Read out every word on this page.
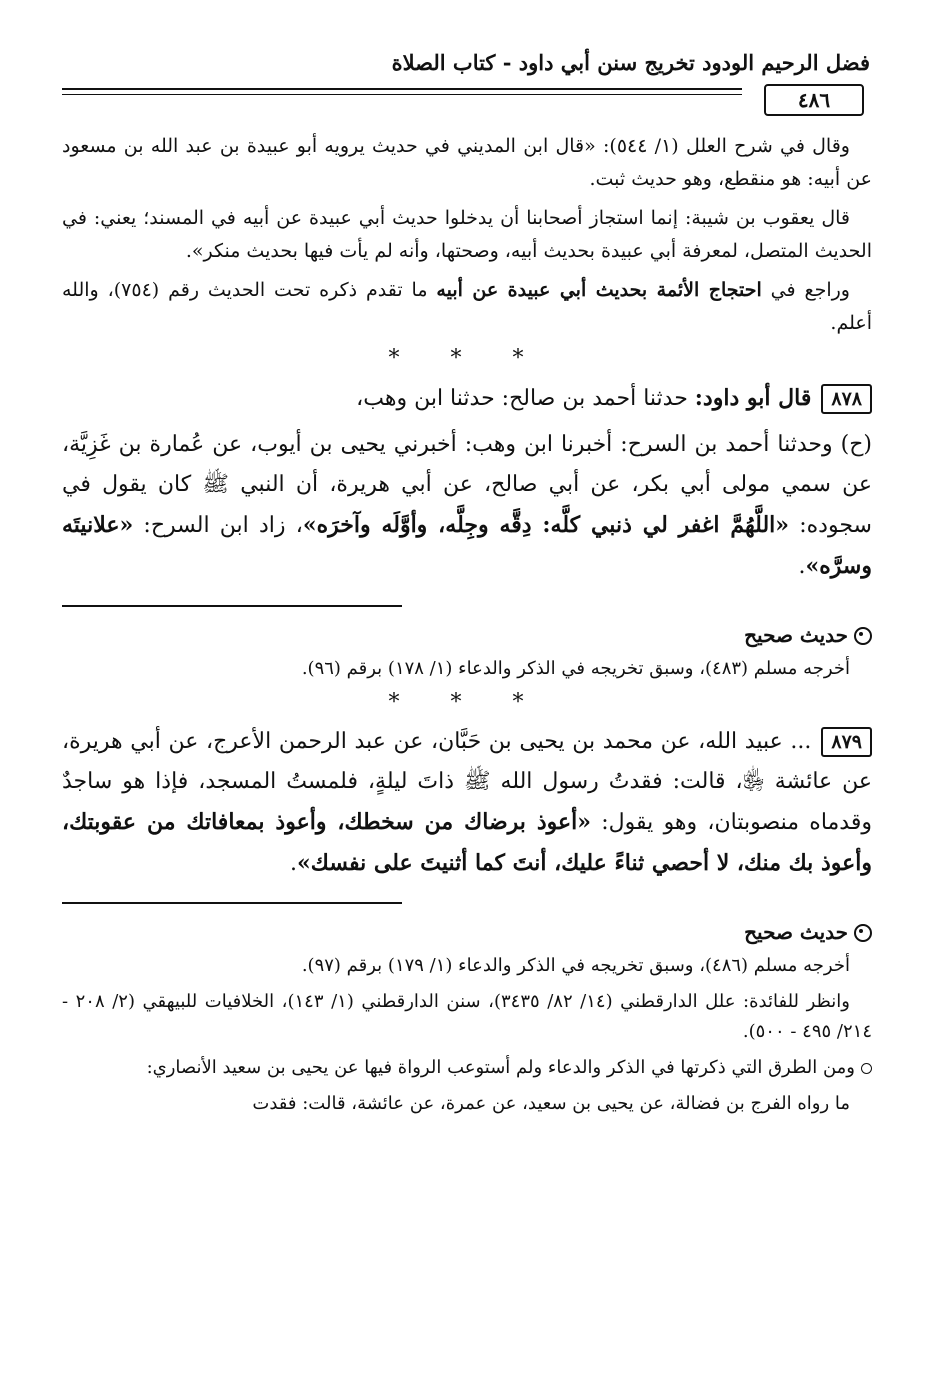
فضل الرحيم الودود تخريج سنن أبي داود - كتاب الصلاة
٤٨٦

وقال في شرح العلل (١/ ٥٤٤): «قال ابن المديني في حديث يرويه أبو عبيدة بن عبد الله بن مسعود عن أبيه: هو منقطع، وهو حديث ثبت.

قال يعقوب بن شيبة: إنما استجاز أصحابنا أن يدخلوا حديث أبي عبيدة عن أبيه في المسند؛ يعني: في الحديث المتصل، لمعرفة أبي عبيدة بحديث أبيه، وصحتها، وأنه لم يأت فيها بحديث منكر».

وراجع في احتجاج الأئمة بحديث أبي عبيدة عن أبيه ما تقدم ذكره تحت الحديث رقم (٧٥٤)، والله أعلم.

* * *

٨٧٨قال أبو داود: حدثنا أحمد بن صالح: حدثنا ابن وهب،

(ح) وحدثنا أحمد بن السرح: أخبرنا ابن وهب: أخبرني يحيى بن أيوب، عن عُمارة بن غَزِيَّة، عن سمي مولى أبي بكر، عن أبي صالح، عن أبي هريرة، أن النبي ﷺ كان يقول في سجوده: «اللَّهُمَّ اغفر لي ذنبي كلَّه: دِقَّه وجِلَّه، وأوَّلَه وآخرَه»، زاد ابن السرح: «علانيتَه وسرَّه».

حديث صحيح

أخرجه مسلم (٤٨٣)، وسبق تخريجه في الذكر والدعاء (١/ ١٧٨) برقم (٩٦).

* * *

٨٧٩... عبيد الله، عن محمد بن يحيى بن حَبَّان، عن عبد الرحمن الأعرج، عن أبي هريرة، عن عائشة ﵂، قالت: فقدتُ رسول الله ﷺ ذاتَ ليلةٍ، فلمستُ المسجد، فإذا هو ساجدٌ وقدماه منصوبتان، وهو يقول: «أعوذ برضاك من سخطك، وأعوذ بمعافاتك من عقوبتك، وأعوذ بك منك، لا أحصي ثناءً عليك، أنتَ كما أثنيتَ على نفسك».

حديث صحيح

أخرجه مسلم (٤٨٦)، وسبق تخريجه في الذكر والدعاء (١/ ١٧٩) برقم (٩٧).

وانظر للفائدة: علل الدارقطني (١٤/ ٨٢/ ٣٤٣٥)، سنن الدارقطني (١/ ١٤٣)، الخلافيات للبيهقي (٢/ ٢٠٨ - ٢١٤/ ٤٩٥ - ٥٠٠).

ومن الطرق التي ذكرتها في الذكر والدعاء ولم أستوعب الرواة فيها عن يحيى بن سعيد الأنصاري:

ما رواه الفرج بن فضالة، عن يحيى بن سعيد، عن عمرة، عن عائشة، قالت: فقدت
